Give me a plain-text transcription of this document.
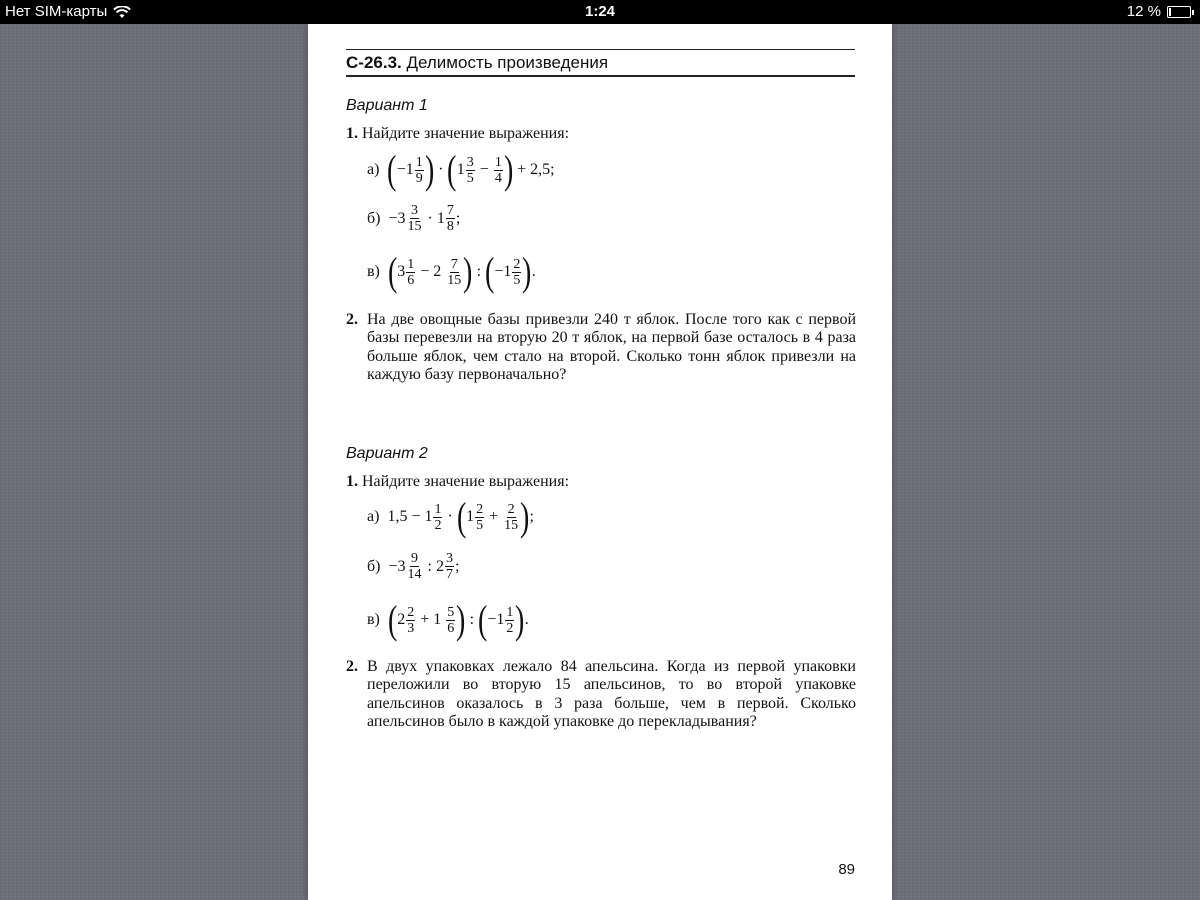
Нет SIM-карты	1:24	12 %
С-26.3. Делимость произведения
Вариант 1
1. Найдите значение выражения:
а) ( $-1 \frac{1}{9}$ ) · ( $1 \frac{3}{5} - \frac{1}{4}$ ) + 2,5;
$б) -3 \frac{3}{15} \cdot 1 \frac{7}{8}$ ;
в) ( $3 \frac{1}{6} - 2 \frac{7}{15}$ ) : ( $-1 \frac{2}{5}$ ) .
2. На две овощные базы привезли 240 т яблок. После того как с первой базы перевезли на вторую 20 т яблок, на первой базе осталось в 4 раза больше яблок, чем стало на второй. Сколько тонн яблок привезли на каждую базу первоначально?
Вариант 2
1. Найдите значение выражения:
а) $1,5 - 1 \frac{1}{2}$ · ( $1 \frac{2}{5} + \frac{2}{15}$ ) ;
$б) -3 \frac{9}{14}$ : $2 \frac{3}{7}$ ;
в) ( $2 \frac{2}{3} + 1 \frac{5}{6}$ ) : ( $-1 \frac{1}{2}$ ) .
2. В двух упаковках лежало 84 апельсина. Когда из первой упаковки переложили во вторую 15 апельсинов, то во второй упаковке апельсинов оказалось в 3 раза больше, чем в первой. Сколько апельсинов было в каждой упаковке до перекладывания?
89
